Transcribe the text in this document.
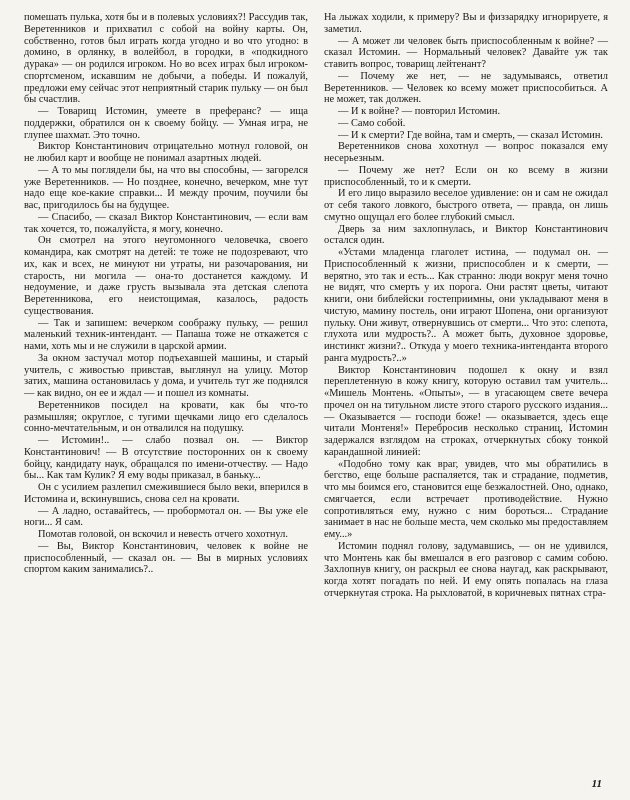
помешать пулька, хотя бы и в полевых условиях?! Рассудив так, Веретенников и прихватил с собой на войну карты. Он, собственно, готов был играть когда угодно и во что угодно: в домино, в орлянку, в волейбол, в городки, в «подкидного дурака» — он родился игроком. Но во всех играх был игроком-спортсменом, искавшим не добычи, а победы. И пожалуй, предложи ему сейчас этот неприятный старик пульку — он был бы счастлив.

— Товарищ Истомин, умеете в преферанс? — ища поддержки, обратился он к своему бойцу. — Умная игра, не глупее шахмат. Это точно.

Виктор Константинович отрицательно мотнул головой, он не любил карт и вообще не понимал азартных людей.

— А то мы поглядели бы, на что вы способны, — загорелся уже Веретенников. — Но позднее, конечно, вечерком, мне тут надо еще кое-какие справки... И между прочим, поучили бы вас, пригодилось бы на будущее.

— Спасибо, — сказал Виктор Константинович, — если вам так хочется, то, пожалуйста, я могу, конечно.

Он смотрел на этого неугомонного человечка, своего командира, как смотрят на детей: те тоже не подозревают, что их, как и всех, не минуют ни утраты, ни разочарования, ни старость, ни могила — она-то достанется каждому. И недоумение, и даже грусть вызывала эта детская слепота Веретенникова, его неистощимая, казалось, радость существования.

— Так и запишем: вечерком соображу пульку, — решил маленький техник-интендант. — Папаша тоже не откажется с нами, хоть мы и не служили в царской армии.

За окном застучал мотор подъехавшей машины, и старый учитель, с живостью привстав, выглянул на улицу. Мотор затих, машина остановилась у дома, и учитель тут же поднялся — как видно, он ее и ждал — и пошел из комнаты.

Веретенников посидел на кровати, как бы что-то размышляя; округлое, с тугими щечками лицо его сделалось сонно-мечтательным, и он отвалился на подушку.

— Истомин!.. — слабо позвал он. — Виктор Константинович! — В отсутствие посторонних он к своему бойцу, кандидату наук, обращался по имени-отчеству. — Надо бы... Как там Кулик? Я ему воды приказал, в баньку...

Он с усилием разлепил смежившиеся было веки, вперился в Истомина и, вскинувшись, снова сел на кровати.

— А ладно, оставайтесь, — пробормотал он. — Вы уже ele ноги... Я сам.

Помотав головой, он вскочил и невесть отчего хохотнул.

— Вы, Виктор Константинович, человек к войне не приспособленный, — сказал он. — Вы в мирных условиях спортом каким занимались?..

На лыжах ходили, к примеру? Вы и физзарядку игнорируете, я заметил.

— А может ли человек быть приспособленным к войне? — сказал Истомин. — Нормальный человек? Давайте уж так ставить вопрос, товарищ лейтенант?

— Почему же нет, — не задумываясь, ответил Веретенников. — Человек ко всему может приспособиться. А не может, так должен.

— И к войне? — повторил Истомин.

— Само собой.

— И к смерти? Где война, там и смерть, — сказал Истомин.

Веретенников снова хохотнул — вопрос показался ему несерьезным.

— Почему же нет? Если он ко всему в жизни приспособленный, то и к смерти.

И его лицо выразило веселое удивление: он и сам не ожидал от себя такого ловкого, быстрого ответа, — правда, он лишь смутно ощущал его более глубокий смысл.

Дверь за ним захлопнулась, и Виктор Константинович остался один.

«Устами младенца глаголет истина, — подумал он. — Приспособленный к жизни, приспособлен и к смерти, — верятно, это так и есть... Как странно: люди вокруг меня точно не видят, что смерть у их порога. Они растят цветы, читают книги, они библейски гостеприимны, они укладывают меня в чистую, мамину постель, они играют Шопена, они организуют пульку. Они живут, отвернувшись от смерти... Что это: слепота, глухота или мудрость?.. А может быть, духовное здоровье, инстинкт жизни?.. Откуда у моего техника-интенданта второго ранга мудрость?..»

Виктор Константинович подошел к окну и взял переплетенную в кожу книгу, которую оставил там учитель... «Мишель Монтень. «Опыты», — в угасающем свете вечера прочел он на титульном листе этого старого русского издания... — Оказывается — господи боже! — оказывается, здесь еще читали Монтеня!» Перебросив несколько страниц, Истомин задержался взглядом на строках, отчеркнутых сбоку тонкой карандашной линией:

«Подобно тому как враг, увидев, что мы обратились в бегство, еще больше распаляется, так и страдание, подметив, что мы боимся его, становится еще безжалостней. Оно, однако, смягчается, если встречает противодействие. Нужно сопротивляться ему, нужно с ним бороться... Страдание занимает в нас не больше места, чем сколько мы предоставляем ему...»

Истомин поднял голову, задумавшись, — он не удивился, что Монтень как бы вмешался в его разговор с самим собою. Захлопнув книгу, он раскрыл ее снова наугад, как раскрывают, когда хотят погадать по ней. И ему опять попалась на глаза отчеркнутая строка. На рыхловатой, в коричневых пятнах стра-

11
